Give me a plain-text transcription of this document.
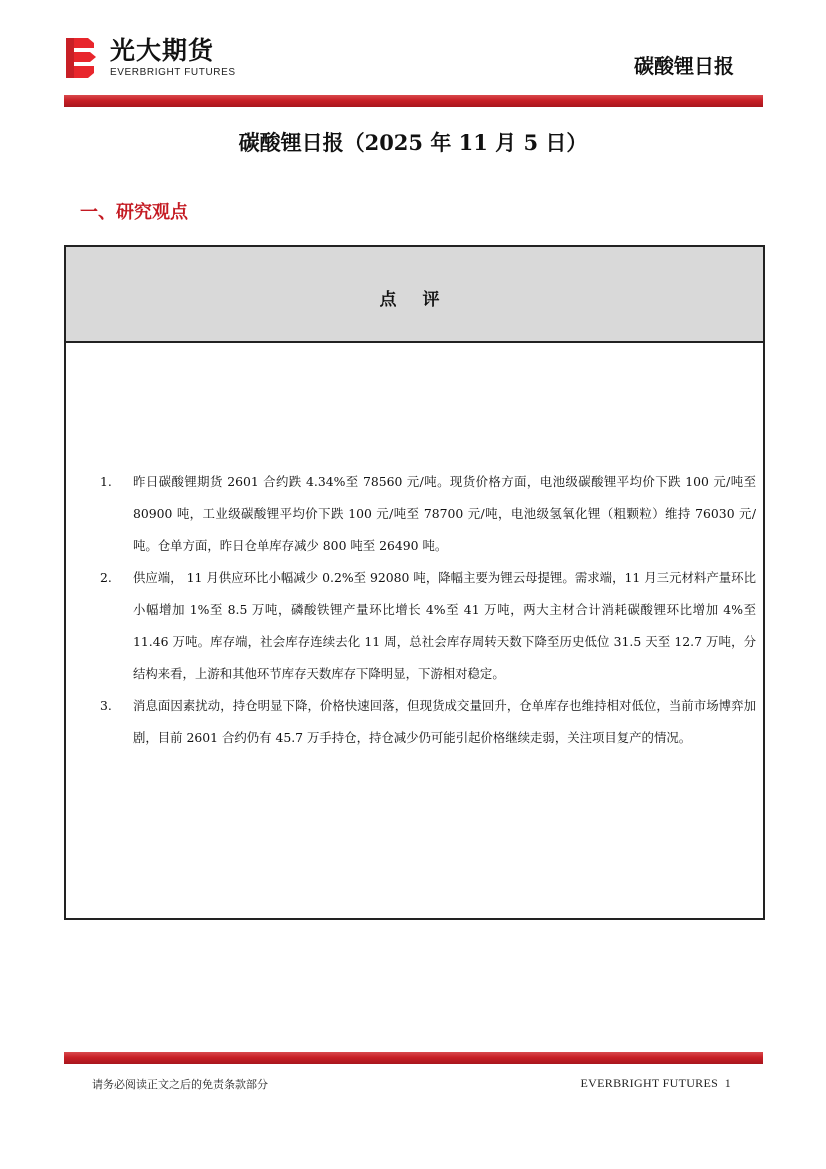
光大期货
EVERBRIGHT FUTURES	碳酸锂日报
碳酸锂日报（2025 年 11 月 5 日）
一、研究观点
点 评
1. 昨日碳酸锂期货 2601 合约跌 4.34%至 78560 元/吨。现货价格方面，电池级碳酸锂平均价下跌 100 元/吨至 80900 吨，工业级碳酸锂平均价下跌 100 元/吨至 78700 元/吨，电池级氢氧化锂（粗颗粒）维持 76030 元/吨。仓单方面，昨日仓单库存减少 800 吨至 26490 吨。
2. 供应端， 11 月供应环比小幅减少 0.2%至 92080 吨，降幅主要为锂云母提锂。需求端，11 月三元材料产量环比小幅增加 1%至 8.5 万吨，磷酸铁锂产量环比增长 4%至 41 万吨，两大主材合计消耗碳酸锂环比增加 4%至 11.46 万吨。库存端，社会库存连续去化 11 周，总社会库存周转天数下降至历史低位 31.5 天至 12.7 万吨，分结构来看，上游和其他环节库存天数库存下降明显，下游相对稳定。
3. 消息面因素扰动，持仓明显下降，价格快速回落，但现货成交量回升，仓单库存也维持相对低位，当前市场博弈加剧，目前 2601 合约仍有 45.7 万手持仓，持仓减少仍可能引起价格继续走弱，关注项目复产的情况。
请务必阅读正文之后的免责条款部分	EVERBRIGHT FUTURES 1
